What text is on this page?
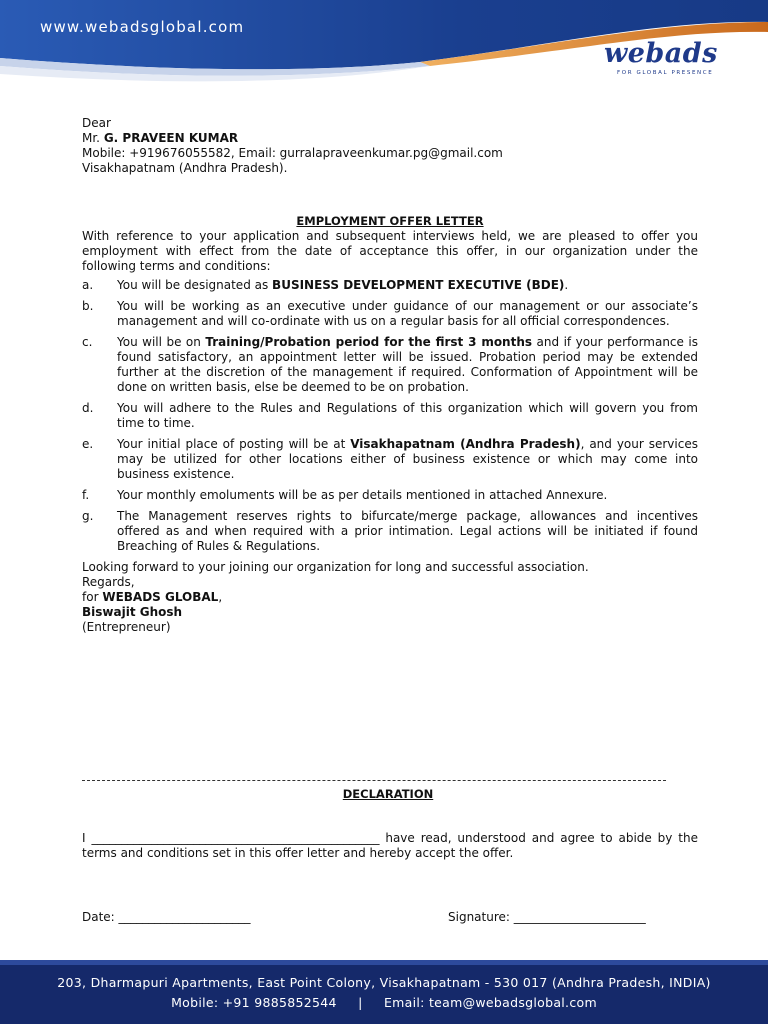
www.webadsglobal.com
webads
FOR GLOBAL PRESENCE

Dear

Mr. G. PRAVEEN KUMAR

Mobile: +919676055582, Email: gurralapraveenkumar.pg@gmail.com

Visakhapatnam (Andhra Pradesh).

EMPLOYMENT OFFER LETTER

With reference to your application and subsequent interviews held, we are pleased to offer you employment with effect from the date of acceptance this offer, in our organization under the following terms and conditions:

a. You will be designated as BUSINESS DEVELOPMENT EXECUTIVE (BDE).
b. You will be working as an executive under guidance of our management or our associate’s management and will co-ordinate with us on a regular basis for all official correspondences.
c. You will be on Training/Probation period for the first 3 months and if your performance is found satisfactory, an appointment letter will be issued. Probation period may be extended further at the discretion of the management if required. Conformation of Appointment will be done on written basis, else be deemed to be on probation.
d. You will adhere to the Rules and Regulations of this organization which will govern you from time to time.
e. Your initial place of posting will be at Visakhapatnam (Andhra Pradesh), and your services may be utilized for other locations either of business existence or which may come into business existence.
f. Your monthly emoluments will be as per details mentioned in attached Annexure.
g. The Management reserves rights to bifurcate/merge package, allowances and incentives offered as and when required with a prior intimation. Legal actions will be initiated if found Breaching of Rules & Regulations.

Looking forward to your joining our organization for long and successful association.

Regards,

for WEBADS GLOBAL,

Biswajit Ghosh

(Entrepreneur)

DECLARATION
I ________________________________________________ have read, understood and agree to abide by the terms and conditions set in this offer letter and hereby accept the offer.
Date: ______________________	Signature: ______________________
203, Dharmapuri Apartments, East Point Colony, Visakhapatnam - 530 017 (Andhra Pradesh, INDIA)
Mobile: +91 9885852544     |     Email: team@webadsglobal.com
